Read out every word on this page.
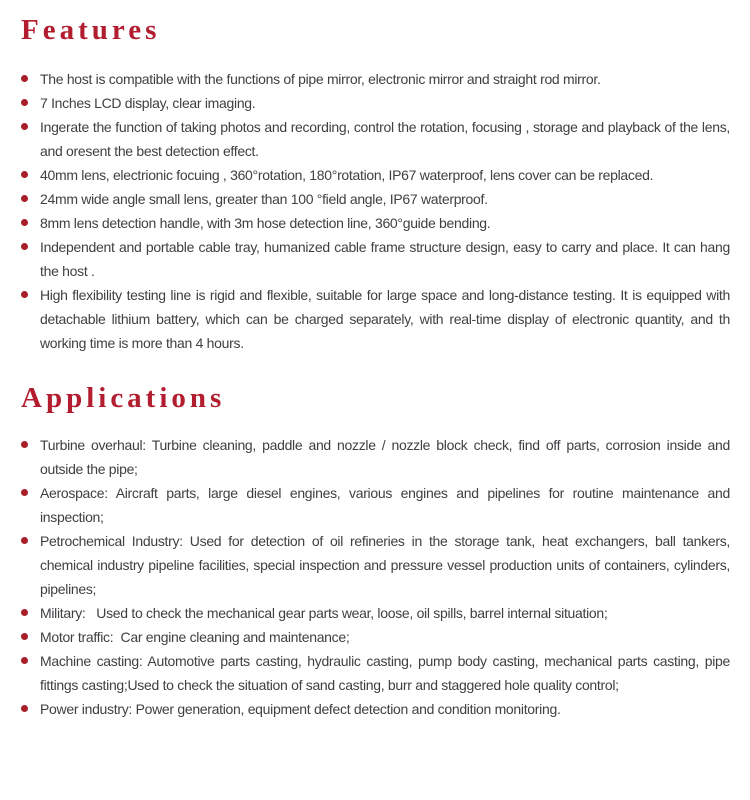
Features
The host is compatible with the functions of pipe mirror, electronic mirror and straight rod mirror.
7 Inches LCD display, clear imaging.
Ingerate the function of taking photos and recording, control the rotation, focusing , storage and playback of the lens, and oresent the best detection effect.
40mm lens, electrionic focuing , 360°rotation, 180°rotation, IP67 waterproof, lens cover can be replaced.
24mm wide angle small lens, greater than 100 °field angle, IP67 waterproof.
8mm lens detection handle, with 3m hose detection line, 360°guide bending.
Independent and portable cable tray, humanized cable frame structure design, easy to carry and place. It can hang the host .
High flexibility testing line is rigid and flexible, suitable for large space and long-distance testing. It is equipped with detachable lithium battery, which can be charged separately, with real-time display of electronic quantity, and th working time is more than 4 hours.
Applications
Turbine overhaul: Turbine cleaning, paddle and nozzle / nozzle block check, find off parts, corrosion inside and outside the pipe;
Aerospace: Aircraft parts, large diesel engines, various engines and pipelines for routine maintenance and inspection;
Petrochemical Industry: Used for detection of oil refineries in the storage tank, heat exchangers, ball tankers, chemical industry pipeline facilities, special inspection and pressure vessel production units of containers, cylinders, pipelines;
Military:   Used to check the mechanical gear parts wear, loose, oil spills, barrel internal situation;
Motor traffic:  Car engine cleaning and maintenance;
Machine casting: Automotive parts casting, hydraulic casting, pump body casting, mechanical parts casting, pipe fittings casting;Used to check the situation of sand casting, burr and staggered hole quality control;
Power industry: Power generation, equipment defect detection and condition monitoring.
